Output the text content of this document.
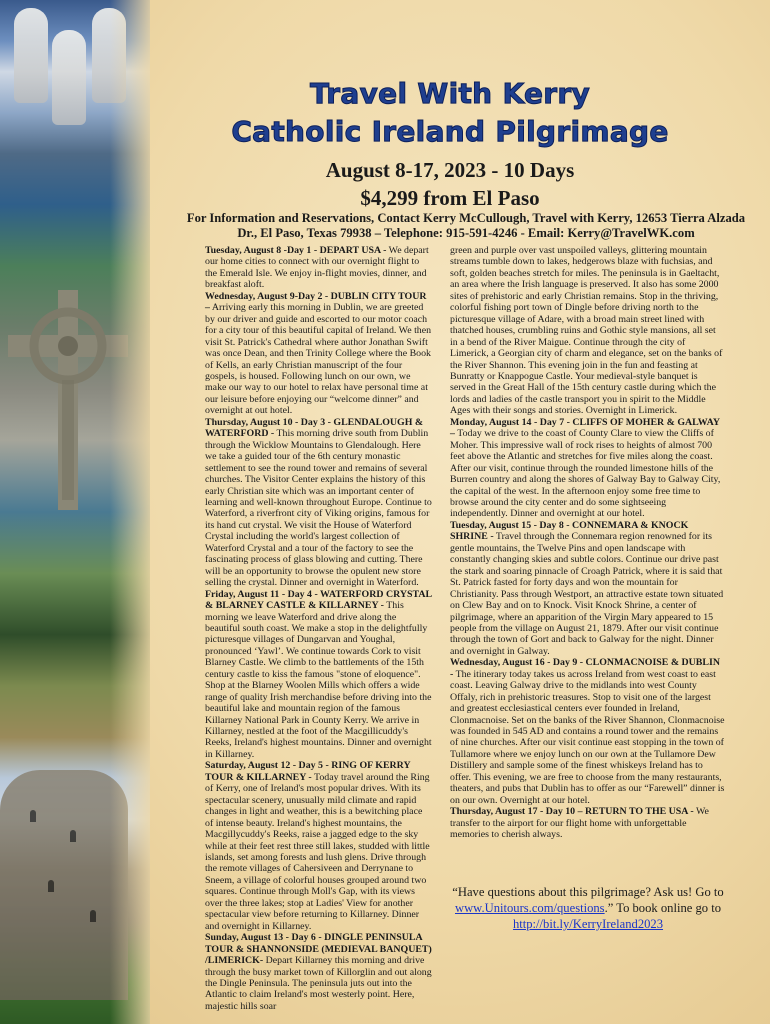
Travel With Kerry
Catholic Ireland Pilgrimage
August 8-17, 2023 - 10 Days
$4,299 from El Paso
For Information and Reservations, Contact Kerry McCullough, Travel with Kerry, 12653 Tierra Alzada Dr., El Paso, Texas 79938 – Telephone: 915-591-4246 - Email: Kerry@TravelWK.com

Tuesday, August 8 -Day 1 - DEPART USA - We depart our home cities to connect with our overnight flight to the Emerald Isle. We enjoy in-flight movies, dinner, and breakfast aloft.

Wednesday, August 9-Day 2 - DUBLIN CITY TOUR – Arriving early this morning in Dublin, we are greeted by our driver and guide and escorted to our motor coach for a city tour of this beautiful capital of Ireland. We then visit St. Patrick's Cathedral where author Jonathan Swift was once Dean, and then Trinity College where the Book of Kells, an early Christian manuscript of the four gospels, is housed. Following lunch on our own, we make our way to our hotel to relax have personal time at our leisure before enjoying our “welcome dinner” and overnight at out hotel.

Thursday, August 10 - Day 3 - GLENDALOUGH & WATERFORD - This morning drive south from Dublin through the Wicklow Mountains to Glendalough. Here we take a guided tour of the 6th century monastic settlement to see the round tower and remains of several churches. The Visitor Center explains the history of this early Christian site which was an important center of learning and well-known throughout Europe. Continue to Waterford, a riverfront city of Viking origins, famous for its hand cut crystal. We visit the House of Waterford Crystal including the world's largest collection of Waterford Crystal and a tour of the factory to see the fascinating process of glass blowing and cutting. There will be an opportunity to browse the opulent new store selling the crystal. Dinner and overnight in Waterford.

Friday, August 11 - Day 4 - WATERFORD CRYSTAL & BLARNEY CASTLE & KILLARNEY - This morning we leave Waterford and drive along the beautiful south coast. We make a stop in the delightfully picturesque villages of Dungarvan and Youghal, pronounced ‘Yawl’. We continue towards Cork to visit Blarney Castle. We climb to the battlements of the 15th century castle to kiss the famous "stone of eloquence". Shop at the Blarney Woolen Mills which offers a wide range of quality Irish merchandise before driving into the beautiful lake and mountain region of the famous Killarney National Park in County Kerry. We arrive in Killarney, nestled at the foot of the Macgillicuddy's Reeks, Ireland's highest mountains. Dinner and overnight in Killarney.

Saturday, August 12 - Day 5 - RING OF KERRY TOUR & KILLARNEY - Today travel around the Ring of Kerry, one of Ireland's most popular drives. With its spectacular scenery, unusually mild climate and rapid changes in light and weather, this is a bewitching place of intense beauty. Ireland's highest mountains, the Macgillycuddy's Reeks, raise a jagged edge to the sky while at their feet rest three still lakes, studded with little islands, set among forests and lush glens. Drive through the remote villages of Cahersiveen and Derrynane to Sneem, a village of colorful houses grouped around two squares. Continue through Moll's Gap, with its views over the three lakes; stop at Ladies' View for another spectacular view before returning to Killarney. Dinner and overnight in Killarney.

Sunday, August 13 - Day 6 - DINGLE PENINSULA TOUR & SHANNONSIDE (MEDIEVAL BANQUET) /LIMERICK- Depart Killarney this morning and drive through the busy market town of Killorglin and out along the Dingle Peninsula. The peninsula juts out into the Atlantic to claim Ireland's most westerly point. Here, majestic hills soar

green and purple over vast unspoiled valleys, glittering mountain streams tumble down to lakes, hedgerows blaze with fuchsias, and soft, golden beaches stretch for miles. The peninsula is in Gaeltacht, an area where the Irish language is preserved. It also has some 2000 sites of prehistoric and early Christian remains. Stop in the thriving, colorful fishing port town of Dingle before driving north to the picturesque village of Adare, with a broad main street lined with thatched houses, crumbling ruins and Gothic style mansions, all set in a bend of the River Maigue. Continue through the city of Limerick, a Georgian city of charm and elegance, set on the banks of the River Shannon. This evening join in the fun and feasting at Bunratty or Knappogue Castle. Your medieval-style banquet is served in the Great Hall of the 15th century castle during which the lords and ladies of the castle transport you in spirit to the Middle Ages with their songs and stories. Overnight in Limerick.

Monday, August 14 - Day 7 - CLIFFS OF MOHER & GALWAY – Today we drive to the coast of County Clare to view the Cliffs of Moher. This impressive wall of rock rises to heights of almost 700 feet above the Atlantic and stretches for five miles along the coast. After our visit, continue through the rounded limestone hills of the Burren country and along the shores of Galway Bay to Galway City, the capital of the west. In the afternoon enjoy some free time to browse around the city center and do some sightseeing independently. Dinner and overnight at our hotel.

Tuesday, August 15 - Day 8 - CONNEMARA & KNOCK SHRINE - Travel through the Connemara region renowned for its gentle mountains, the Twelve Pins and open landscape with constantly changing skies and subtle colors. Continue our drive past the stark and soaring pinnacle of Croagh Patrick, where it is said that St. Patrick fasted for forty days and won the mountain for Christianity. Pass through Westport, an attractive estate town situated on Clew Bay and on to Knock. Visit Knock Shrine, a center of pilgrimage, where an apparition of the Virgin Mary appeared to 15 people from the village on August 21, 1879. After our visit continue through the town of Gort and back to Galway for the night. Dinner and overnight in Galway.

Wednesday, August 16 - Day 9 - CLONMACNOISE & DUBLIN - The itinerary today takes us across Ireland from west coast to east coast. Leaving Galway drive to the midlands into west County Offaly, rich in prehistoric treasures. Stop to visit one of the largest and greatest ecclesiastical centers ever founded in Ireland, Clonmacnoise. Set on the banks of the River Shannon, Clonmacnoise was founded in 545 AD and contains a round tower and the remains of nine churches. After our visit continue east stopping in the town of Tullamore where we enjoy lunch on our own at the Tullamore Dew Distillery and sample some of the finest whiskeys Ireland has to offer. This evening, we are free to choose from the many restaurants, theaters, and pubs that Dublin has to offer as our “Farewell” dinner is on our own. Overnight at our hotel.

Thursday, August 17 - Day 10 – RETURN TO THE USA - We transfer to the airport for our flight home with unforgettable memories to cherish always.

“Have questions about this pilgrimage? Ask us! Go to www.Unitours.com/questions.” To book online go to http://bit.ly/KerryIreland2023
